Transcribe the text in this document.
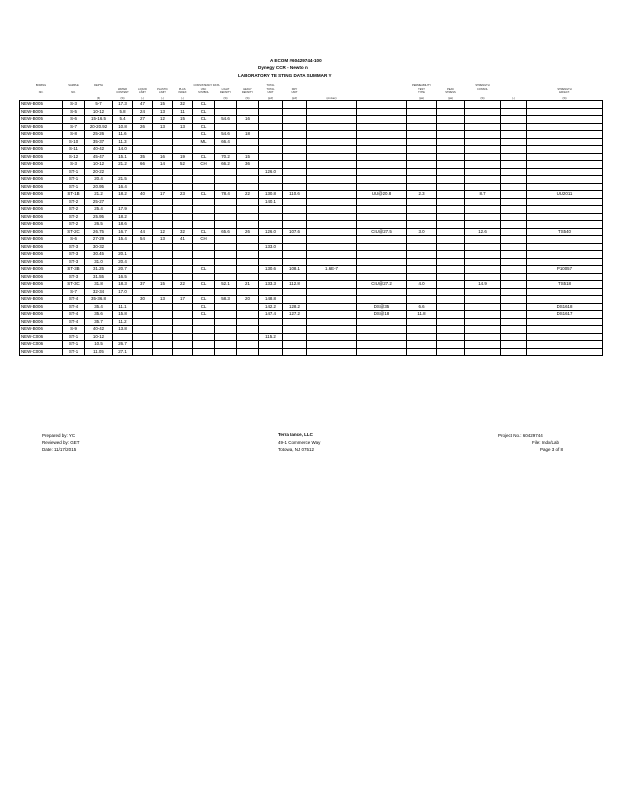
A ECOM #60429744-100
Dynegy CCR - Newto n
LABORATORY TE STING DATA SUMMAR Y
BORING	SAMPLE	DEPTH					CONSISTENCY DATA			TOTAL				PERMEABILITY		STRENGTH		
			WATER	LIQUID	PLASTIC	PLAS.	USC	LIGHT	HEAVY	TOTAL	DRY			TEST	PEAK	CONSOL		STRENGTH
NO.	NO.		CONTENT	LIMIT	LIMIT	INDEX	SYMBOL	DENSITY	DENSITY	UNIT	UNIT			TYPE	STRESS			EFFECT.

		(ft)	(%)	(-)	(-)	(-)		(%)	(%)	(pcf)	(pcf)	(cm/sec)		(psi)	(psi)	(%)	(-)	(%)
NEW-B005	S-3	5-7	17.3	47	15	32	CL											
NEW-B005	S-5	10-12	5.8	24	13	11	CL											
NEW-B005	S-6	15-16.5	5.4	27	12	15	CL	54.6	16									
NEW-B005	S-7	20-20.92	10.8	26	13	13	CL											
NEW-B005	S-8	25-26	11.6				CL	54.6	18									
NEW-B005	S-10	35-37	11.3				ML	66.4										
NEW-B005	S-11	40-42	14.0															
NEW-B005	S-12	45-47	15.1	35	16	19	CL	70.2	15									
NEW-B006	S-3	10-12	21.2	66	14	52	CH	66.2	36									
NEW-B006	ST-1	20-22								126.0								
NEW-B006	ST-1	20.4	21.5															
NEW-B006	ST-1	20.95	16.4															
NEW-B006	ST-1B	21.2	18.2	40	17	23	CL	78.4	22	130.8	110.6		UU@20.8	2.3		8.7		UU2011
NEW-B006	ST-2	25-27								140.1								
NEW-B006	ST-2	25.4	17.9															
NEW-B006	ST-2	25.95	18.2															
NEW-B006	ST-2	26.5	18.6															
NEW-B006	ST-2C	26.75	16.7	44	12	32	CL	65.6	26	126.0	107.6		CIU@27.5	3.0		12.6		TS540
NEW-B006	S-6	27-29	15.4	54	13	41	CH											
NEW-B006	ST-3	30-32								133.0								
NEW-B006	ST-3	30.45	20.1															
NEW-B006	ST-3	31.0	20.4															
NEW-B006	ST-3B	31.25	20.7				CL			130.6	108.1	1.6E-7						P10057
NEW-B006	ST-3	31.55	16.5															
NEW-B006	ST-3C	31.8	18.3	37	15	22	CL	52.1	21	133.3	112.8		CIU@27.2	4.0		14.9		TS518
NEW-B006	S-7	32-34	17.0															
NEW-B006	ST-4	35-36.8		30	13	17	CL	58.3	20	148.8								
NEW-B006	ST-4	35.4	11.1				CL			142.2	128.2		DS@35	6.6				DS1618
NEW-B006	ST-4	35.6	15.8				CL			147.4	127.2		DS@18	11.8				DS1617
NEW-B006	ST-4	35.7	11.2															
NEW-B006	S-9	40-42	13.8															
NEW-C006	ST-1	10-12								115.2								
NEW-C006	ST-1	10.5	26.7															
NEW-C006	ST-1	11.05	27.1															
Prepared by: YC
Reviewed by: GET
Date: 11/17/2015
Terra Iance, LLC
49-1 Commerce Way
Totowa, NJ 07512
Project No.: 60429744
File: Indx/Lab
Page 3 of 8
